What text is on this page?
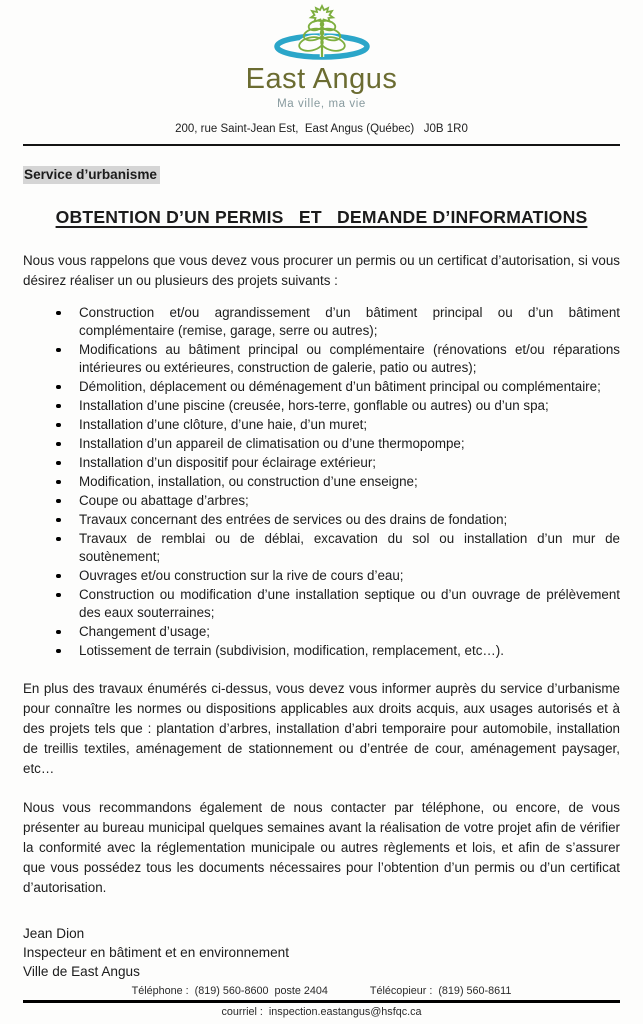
East Angus
Ma ville, ma vie
200, rue Saint-Jean Est,  East Angus (Québec)   J0B 1R0

Service d’urbanisme

OBTENTION D’UN PERMIS   ET   DEMANDE D’INFORMATIONS

Nous vous rappelons que vous devez vous procurer un permis ou un certificat d’autorisation, si vous désirez réaliser un ou plusieurs des projets suivants :

Construction et/ou agrandissement d’un bâtiment principal ou d’un bâtiment complémentaire (remise, garage, serre ou autres);
Modifications au bâtiment principal ou complémentaire (rénovations et/ou réparations intérieures ou extérieures, construction de galerie, patio ou autres);
Démolition, déplacement ou déménagement d’un bâtiment principal ou complémentaire;
Installation d’une piscine (creusée, hors-terre, gonflable ou autres) ou d’un spa;
Installation d’une clôture, d’une haie, d’un muret;
Installation d’un appareil de climatisation ou d’une thermopompe;
Installation d’un dispositif pour éclairage extérieur;
Modification, installation, ou construction d’une enseigne;
Coupe ou abattage d’arbres;
Travaux concernant des entrées de services ou des drains de fondation;
Travaux de remblai ou de déblai, excavation du sol ou installation d’un mur de soutènement;
Ouvrages et/ou construction sur la rive de cours d’eau;
Construction ou modification d’une installation septique ou d’un ouvrage de prélèvement des eaux souterraines;
Changement d’usage;
Lotissement de terrain (subdivision, modification, remplacement, etc…).

En plus des travaux énumérés ci-dessus, vous devez vous informer auprès du service d’urbanisme pour connaître les normes ou dispositions applicables aux droits acquis, aux usages autorisés et à des projets tels que : plantation d’arbres, installation d’abri temporaire pour automobile, installation de treillis textiles, aménagement de stationnement ou d’entrée de cour, aménagement paysager, etc…

Nous vous recommandons également de nous contacter par téléphone, ou encore, de vous présenter au bureau municipal quelques semaines avant la réalisation de votre projet afin de vérifier la conformité avec la réglementation municipale ou autres règlements et lois, et afin de s’assurer que vous possédez tous les documents nécessaires pour l’obtention d’un permis ou d’un certificat d’autorisation.

Jean Dion
Inspecteur en bâtiment et en environnement
Ville de East Angus
Téléphone : (819) 560-8600  poste 2404	Télécopieur : (819) 560-8611
courriel : inspection.eastangus@hsfqc.ca
